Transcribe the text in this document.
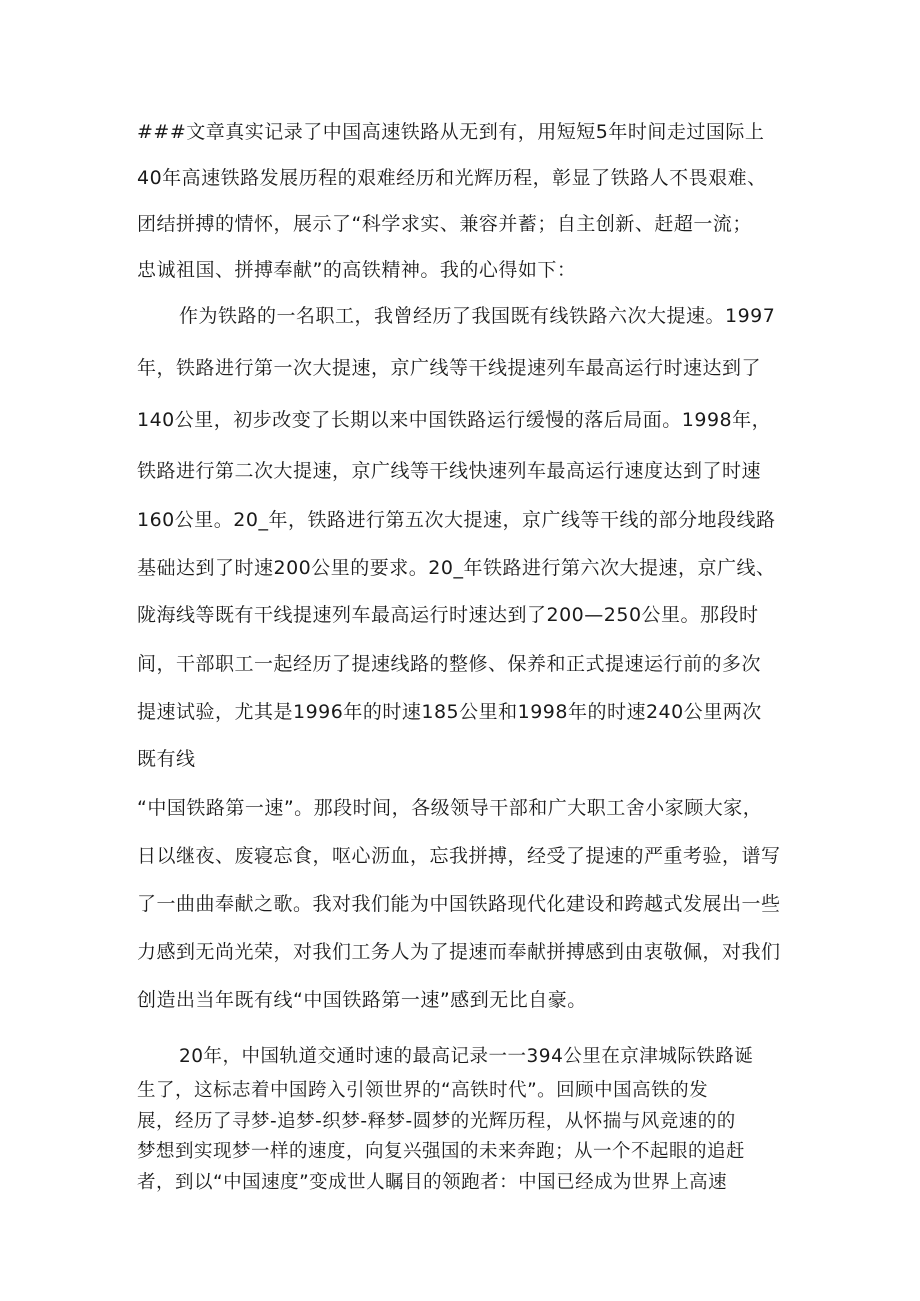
###文章真实记录了中国高速铁路从无到有，用短短5年时间走过国际上
40年高速铁路发展历程的艰难经历和光辉历程，彰显了铁路人不畏艰难、
团结拼搏的情怀，展示了“科学求实、兼容并蓄；自主创新、赶超一流；
忠诚祖国、拼搏奉献”的高铁精神。我的心得如下：
作为铁路的一名职工，我曾经历了我国既有线铁路六次大提速。1997
年，铁路进行第一次大提速，京广线等干线提速列车最高运行时速达到了
140公里，初步改变了长期以来中国铁路运行缓慢的落后局面。1998年，
铁路进行第二次大提速，京广线等干线快速列车最高运行速度达到了时速
160公里。20_年，铁路进行第五次大提速，京广线等干线的部分地段线路
基础达到了时速200公里的要求。20_年铁路进行第六次大提速，京广线、
陇海线等既有干线提速列车最高运行时速达到了200—250公里。那段时
间，干部职工一起经历了提速线路的整修、保养和正式提速运行前的多次
提速试验，尤其是1996年的时速185公里和1998年的时速240公里两次
既有线
“中国铁路第一速”。那段时间，各级领导干部和广大职工舍小家顾大家，
日以继夜、废寝忘食，呕心沥血，忘我拼搏，经受了提速的严重考验，谱写
了一曲曲奉献之歌。我对我们能为中国铁路现代化建设和跨越式发展出一些
力感到无尚光荣，对我们工务人为了提速而奉献拼搏感到由衷敬佩，对我们
创造出当年既有线“中国铁路第一速”感到无比自豪。
20年，中国轨道交通时速的最高记录一一394公里在京津城际铁路诞
生了，这标志着中国跨入引领世界的“高铁时代”。回顾中国高铁的发
展，经历了寻梦-追梦-织梦-释梦-圆梦的光辉历程，从怀揣与风竞速的的
梦想到实现梦一样的速度，向复兴强国的未来奔跑；从一个不起眼的追赶
者，到以“中国速度”变成世人瞩目的领跑者：中国已经成为世界上高速
